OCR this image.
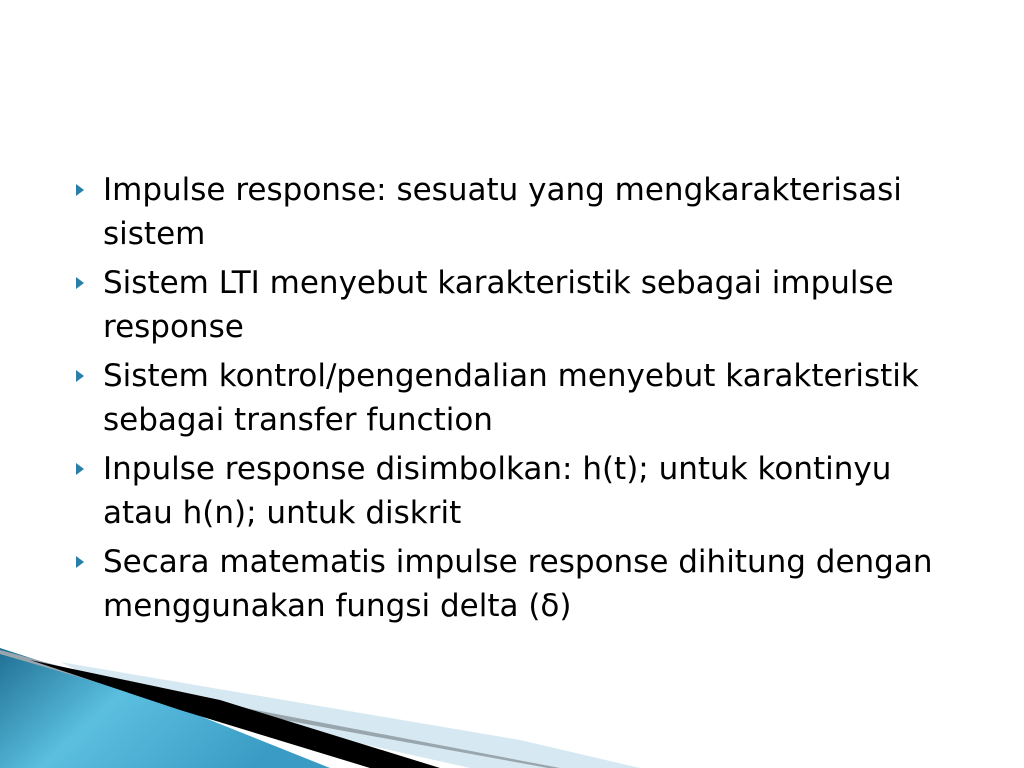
Impulse response: sesuatu yang mengkarakterisasi sistem
Sistem LTI menyebut karakteristik sebagai impulse response
Sistem kontrol/pengendalian menyebut karakteristik sebagai transfer function
Inpulse response disimbolkan: h(t); untuk kontinyu atau h(n); untuk diskrit
Secara matematis impulse response dihitung dengan menggunakan fungsi delta (δ)
